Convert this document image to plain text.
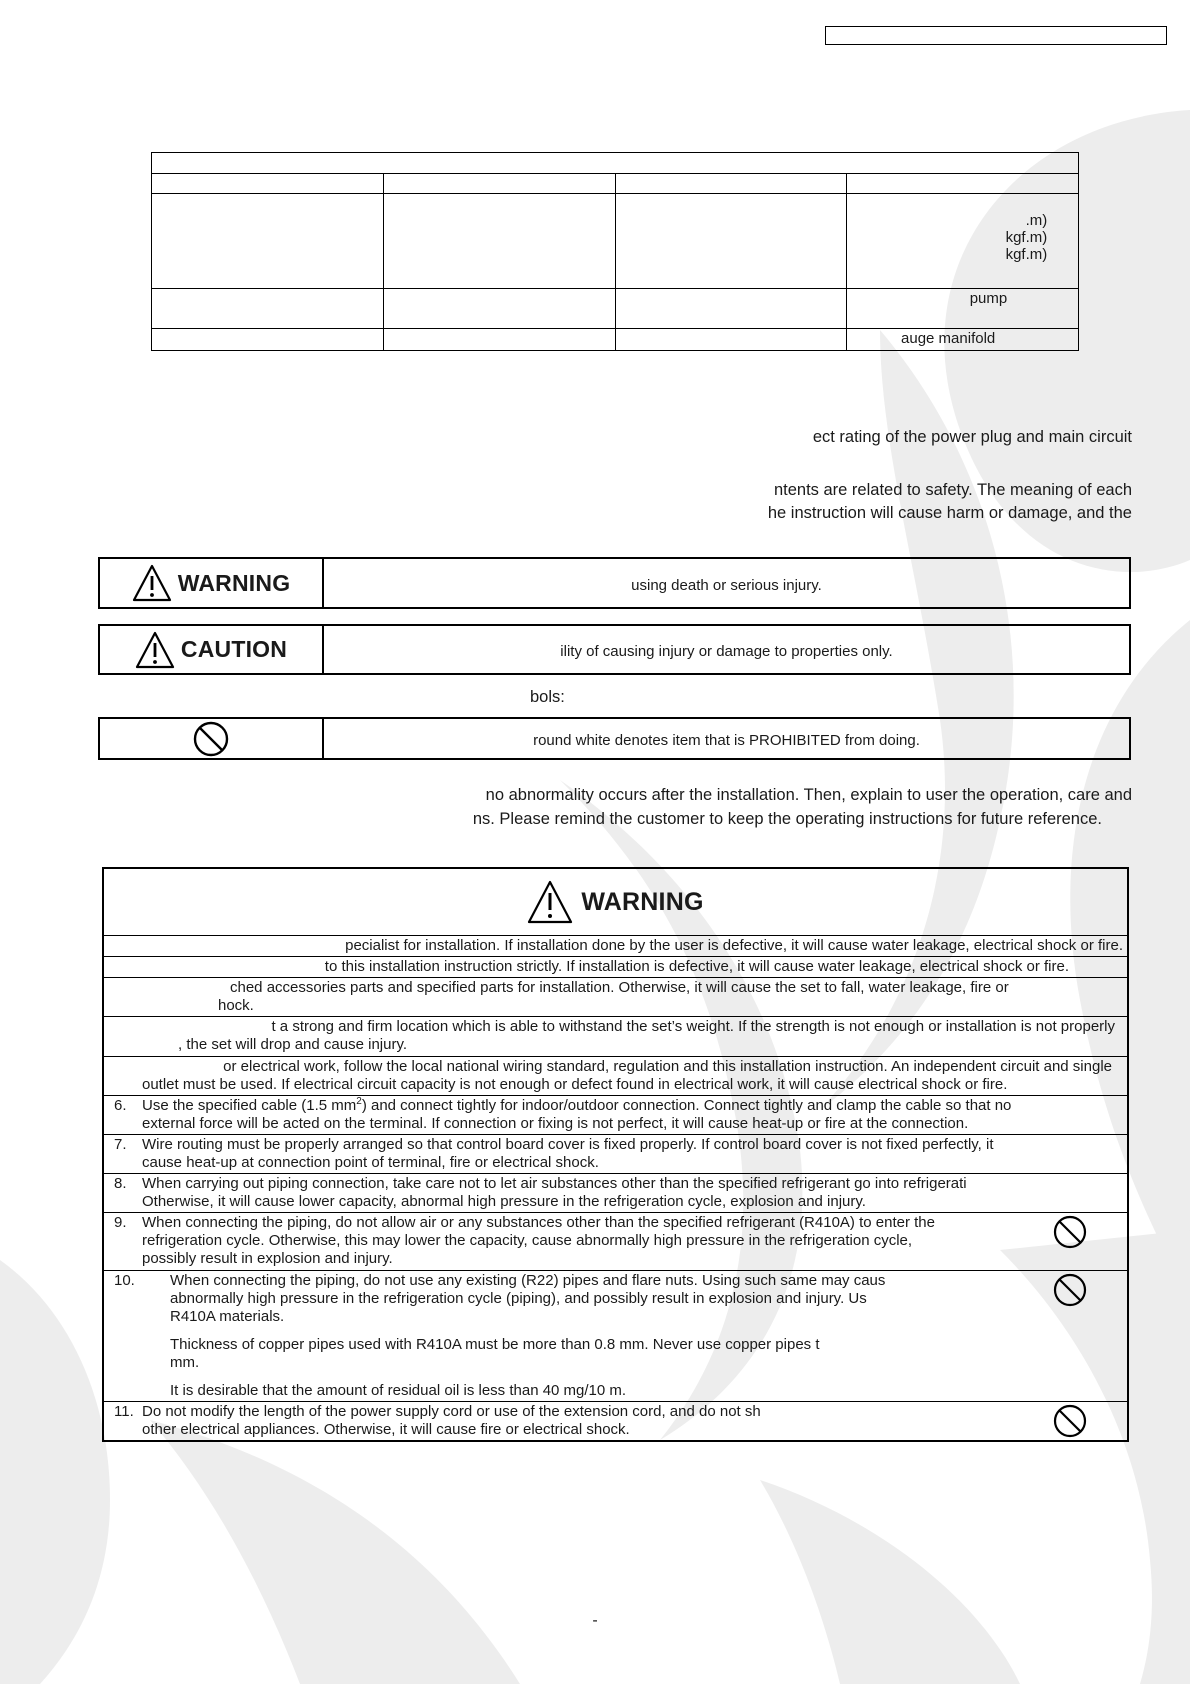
			.m)
kgf.m)
kgf.m)

			pump

			auge manifold
ect rating of the power plug and main circuit
ntents are related to safety. The meaning of each
he instruction will cause harm or damage, and the
WARNING	using death or serious injury.
CAUTION	ility of causing injury or damage to properties only.
bols:
round white denotes item that is PROHIBITED from doing.
no abnormality occurs after the installation. Then, explain to user the operation, care and
ns. Please remind the customer to keep the operating instructions for future reference.
WARNING
pecialist for installation. If installation done by the user is defective, it will cause water leakage, electrical shock or fire.
to this installation instruction strictly. If installation is defective, it will cause water leakage, electrical shock or fire.
ched accessories parts and specified parts for installation. Otherwise, it will cause the set to fall, water leakage, fire or
hock.
t a strong and firm location which is able to withstand the set’s weight. If the strength is not enough or installation is not properly
, the set will drop and cause injury.
or electrical work, follow the local national wiring standard, regulation and this installation instruction. An independent circuit and single
outlet must be used. If electrical circuit capacity is not enough or defect found in electrical work, it will cause electrical shock or fire.
6. Use the specified cable (1.5 $mm^2$) and connect tightly for indoor/outdoor connection. Connect tightly and clamp the cable so that no

external force will be acted on the terminal. If connection or fixing is not perfect, it will cause heat-up or fire at the connection.

7. Wire routing must be properly arranged so that control board cover is fixed properly. If control board cover is not fixed perfectly, it

cause heat-up at connection point of terminal, fire or electrical shock.

8. When carrying out piping connection, take care not to let air substances other than the specified refrigerant go into refrigerati

Otherwise, it will cause lower capacity, abnormal high pressure in the refrigeration cycle, explosion and injury.

9. When connecting the piping, do not allow air or any substances other than the specified refrigerant (R410A) to enter the

refrigeration cycle. Otherwise, this may lower the capacity, cause abnormally high pressure in the refrigeration cycle,

possibly result in explosion and injury.

10. When connecting the piping, do not use any existing (R22) pipes and flare nuts. Using such same may caus

abnormally high pressure in the refrigeration cycle (piping), and possibly result in explosion and injury. Us

R410A materials.

Thickness of copper pipes used with R410A must be more than 0.8 mm. Never use copper pipes t

mm.

It is desirable that the amount of residual oil is less than 40 mg/10 m.

11. Do not modify the length of the power supply cord or use of the extension cord, and do not sh

other electrical appliances. Otherwise, it will cause fire or electrical shock.

-
